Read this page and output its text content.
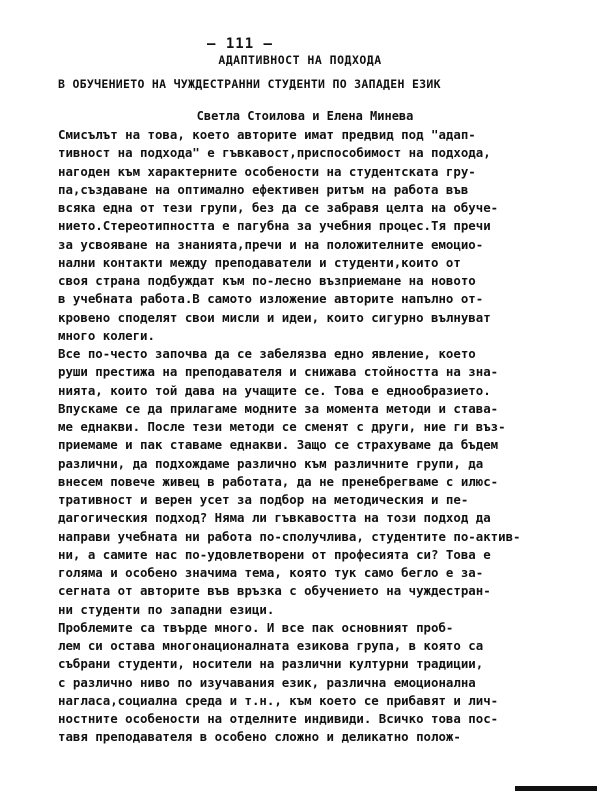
— 111 —
АДАПТИВНОСТ НА ПОДХОДА
В ОБУЧЕНИЕТО НА ЧУЖДЕСТРАННИ СТУДЕНТИ ПО ЗАПАДЕН ЕЗИК
Светла Стоилова и Елена Минева
Смисълът на това, което авторите имат предвид под "адап-
тивност на подхода" е гъвкавост,приспособимост на подхода,
нагоден към характерните особености на студентската гру-
па,създаване на оптимално ефективен ритъм на работа във
всяка една от тези групи, без да се забравя целта на обуче-
нието.Стереотипността е пагубна за учебния процес.Тя пречи
за усвояване на знанията,пречи и на положителните емоцио-
нални контакти между преподаватели и студенти,които от
своя страна подбуждат към по-лесно възприемане на новото
в учебната работа.В самото изложение авторите напълно от-
кровено споделят свои мисли и идеи, които сигурно вълнуват
много колеги.
Все по-често започва да се забелязва едно явление, което
руши престижа на преподавателя и снижава стойността на зна-
нията, които той дава на учащите се. Това е еднообразието.
Впускаме се да прилагаме модните за момента методи и ставa-
ме еднакви. После тези методи се сменят с други, ние ги въз-
приемаме и пак ставаме еднакви. Защо се страхуваме да бъдем
различни, да подхождаме различно към различните групи, да
внесем повече живец в работата, да не пренебрегваме с илюс-
тративност и верен усет за подбор на методическия и пе-
дагогическия подход? Няма ли гъвкавостта на този подход да
направи учебната ни работа по-сполучлива, студентите по-актив-
ни, а самите нас по-удовлетворени от професията си? Това е
голяма и особено значима тема, която тук само бегло е за-
сегната от авторите във връзка с обучението на чуждестран-
ни студенти по западни езици.
Проблемите са твърде много. И все пак основният проб-
лем си остава многонационалната езикова група, в която са
събрани студенти, носители на различни културни традиции,
с различно ниво по изучавания език, различна емоционална
нагласа,социална среда и т.н., към което се прибавят и лич-
ностните особености на отделните индивиди. Всичко това пос-
тавя преподавателя в особено сложно и деликатно полож-
